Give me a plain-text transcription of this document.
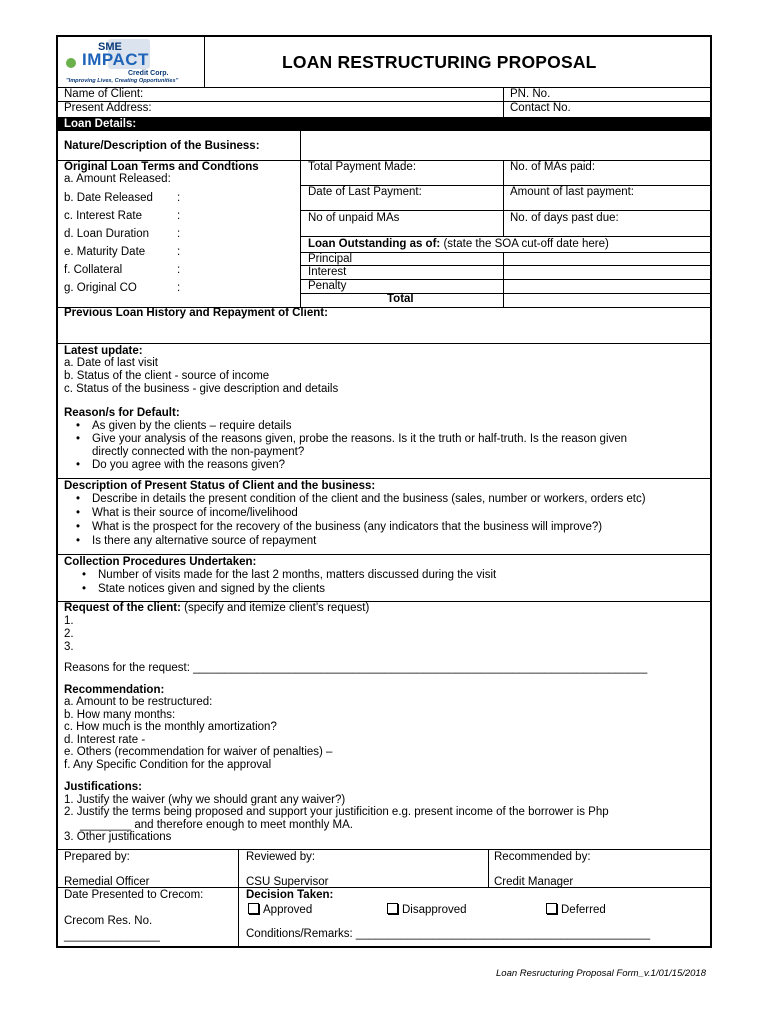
SME
IMPACT
Credit Corp.
"Improving Lives, Creating Opportunities"
LOAN RESTRUCTURING PROPOSAL
Name of Client:	PN. No.
Present Address:	Contact No.
Loan Details:
Nature/Description of the Business:
Original Loan Terms and Condtions
a. Amount Released:
b. Date Released :
c. Interest Rate	:
d. Loan Duration :
e. Maturity Date	:
f. Collateral	:
g. Original CO	:
Total Payment Made:	No. of MAs paid:
Date of Last Payment:	Amount of last payment:
No of unpaid MAs	No. of days past due:
Loan Outstanding as of: (state the SOA cut-off date here)
Principal
Interest
Penalty
Total
Previous Loan History and Repayment of Client:
Latest update:
a. Date of last visit
b. Status of the client - source of income
c. Status of the business - give description and details
Reason/s for Default:
• As given by the clients – require details
• Give your analysis of the reasons given, probe the reasons. Is it the truth or half-truth. Is the reason given
directly connected with the non-payment?
• Do you agree with the reasons given?
Description of Present Status of Client and the business:
• Describe in details the present condition of the client and the business (sales, number or workers, orders etc)
• What is their source of income/livelihood
• What is the prospect for the recovery of the business (any indicators that the business will improve?)
• Is there any alternative source of repayment
Collection Procedures Undertaken:
• Number of visits made for the last 2 months, matters discussed during the visit
• State notices given and signed by the clients
Request of the client: (specify and itemize client’s request)
1.
2.
3.
Reasons for the request: _______________________________________________________________________
Recommendation:
a. Amount to be restructured:
b. How many months:
c. How much is the monthly amortization?
d. Interest rate -
e. Others (recommendation for waiver of penalties) –
f. Any Specific Condition for the approval
Justifications:
1. Justify the waiver (why we should grant any waiver?)
2. Justify the terms being proposed and support your justificition e.g. present income of the borrower is Php
________ and therefore enough to meet monthly MA.
3. Other justifications
Prepared by:
Remedial Officer
Reviewed by:
CSU Supervisor
Recommended by:
Credit Manager
Date Presented to Crecom:
Crecom Res. No.
_______________
Decision Taken:
Approved	Disapproved	Deferred
Conditions/Remarks: ______________________________________________
Loan Resructuring Proposal Form_v.1/01/15/2018
